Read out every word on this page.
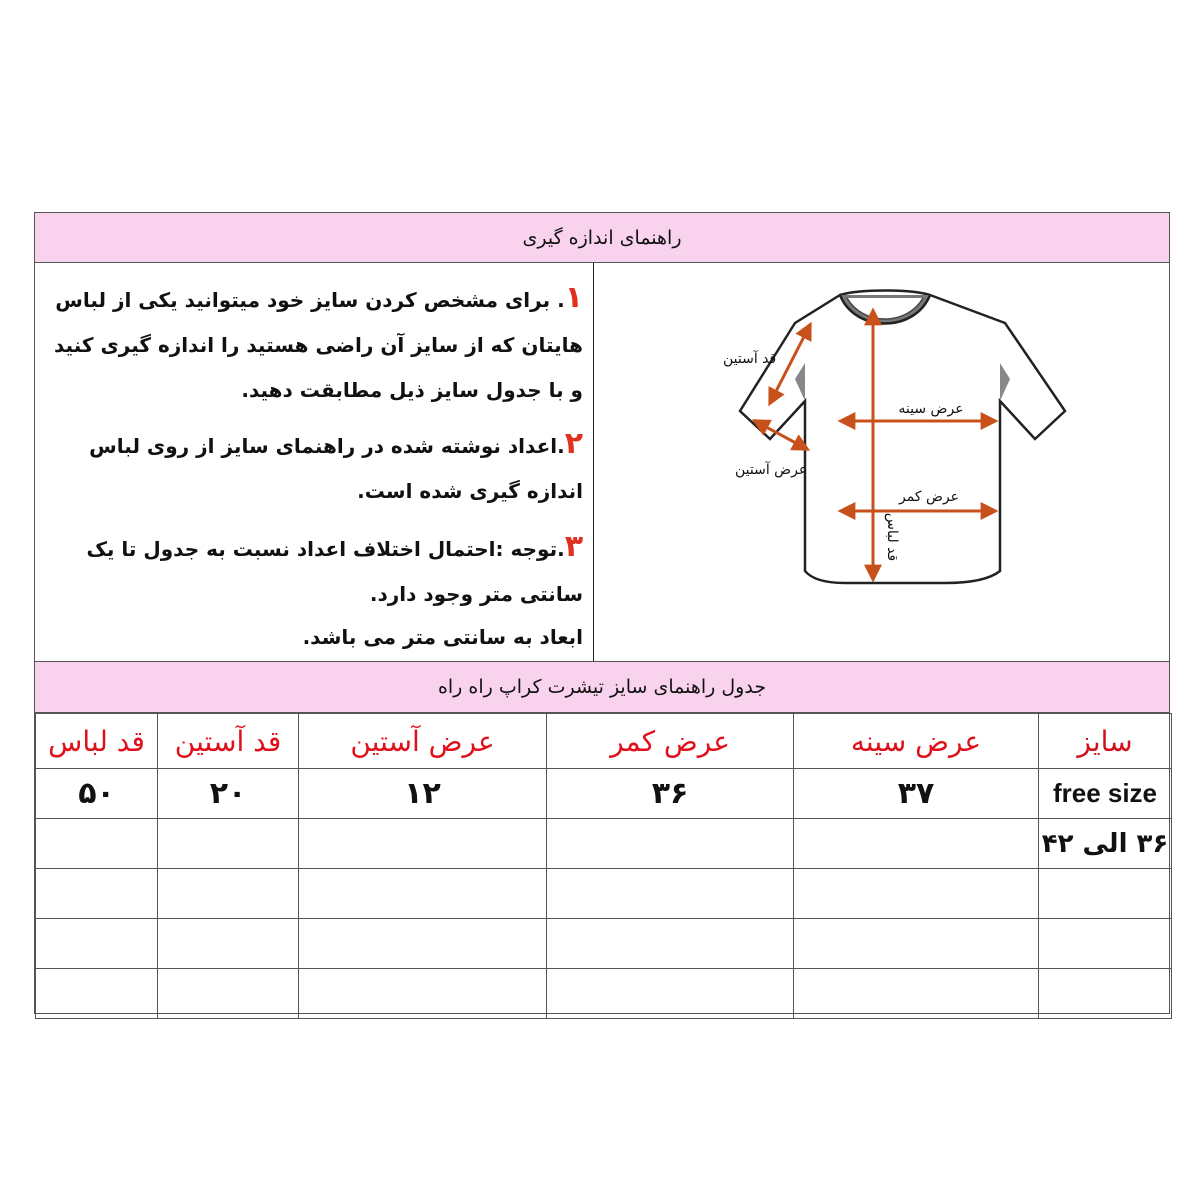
راهنمای اندازه گیری

۱. برای مشخص کردن سایز خود میتوانید یکی از لباس هایتان که از سایز آن راضی هستید را اندازه گیری کنید و با جدول سایز ذیل مطابقت دهید.

۲.اعداد نوشته شده در راهنمای سایز از روی لباس اندازه گیری شده است.

۳.توجه :احتمال اختلاف اعداد نسبت به جدول تا یک سانتی متر وجود دارد.

ابعاد به سانتی متر می باشد.

قد آستین
عرض سینه
عرض آستین
عرض کمر
قد لباس
جدول راهنمای سایز تیشرت کراپ راه راه
سایز	عرض سینه	عرض کمر	عرض آستین	قد آستین	قد لباس
free size	۳۷	۳۶	۱۲	۲۰	۵۰
۳۶ الی ۴۲					
